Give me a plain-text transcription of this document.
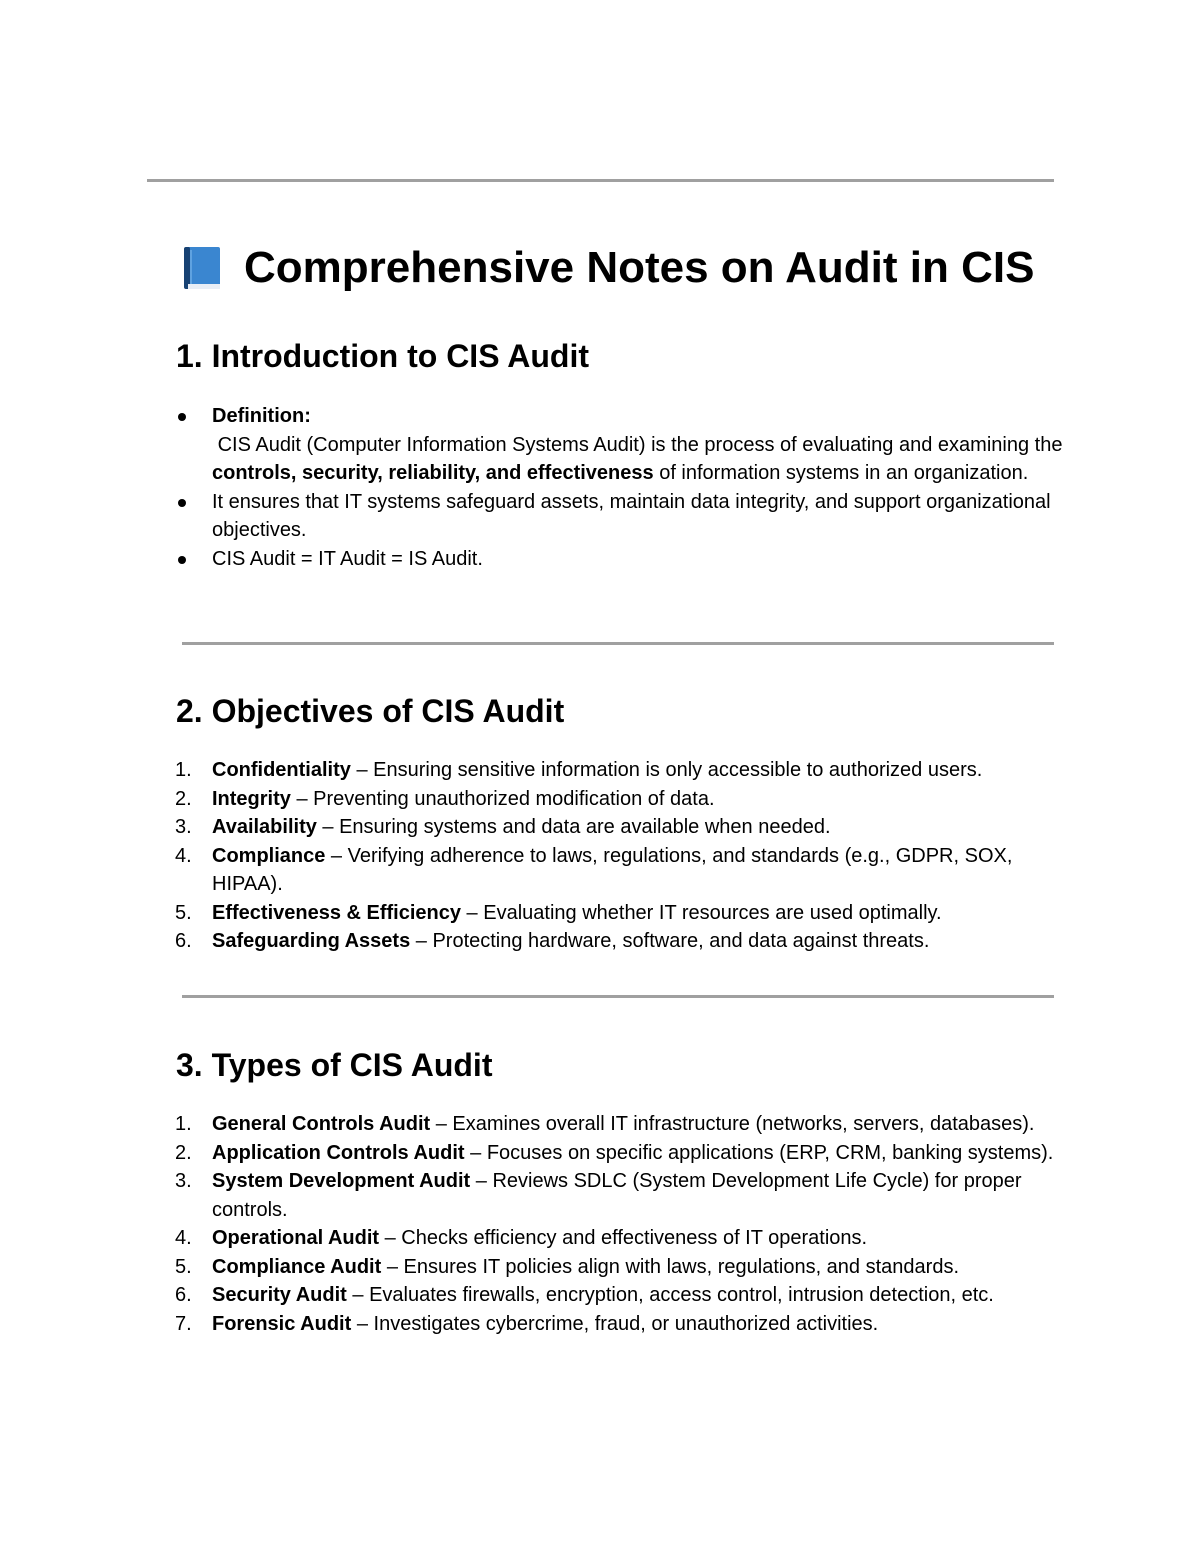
Comprehensive Notes on Audit in CIS
1. Introduction to CIS Audit
Definition:
CIS Audit (Computer Information Systems Audit) is the process of evaluating and examining the controls, security, reliability, and effectiveness of information systems in an organization.
It ensures that IT systems safeguard assets, maintain data integrity, and support organizational objectives.
CIS Audit = IT Audit = IS Audit.
2. Objectives of CIS Audit
1. Confidentiality – Ensuring sensitive information is only accessible to authorized users.
2. Integrity – Preventing unauthorized modification of data.
3. Availability – Ensuring systems and data are available when needed.
4. Compliance – Verifying adherence to laws, regulations, and standards (e.g., GDPR, SOX, HIPAA).
5. Effectiveness & Efficiency – Evaluating whether IT resources are used optimally.
6. Safeguarding Assets – Protecting hardware, software, and data against threats.
3. Types of CIS Audit
1. General Controls Audit – Examines overall IT infrastructure (networks, servers, databases).
2. Application Controls Audit – Focuses on specific applications (ERP, CRM, banking systems).
3. System Development Audit – Reviews SDLC (System Development Life Cycle) for proper controls.
4. Operational Audit – Checks efficiency and effectiveness of IT operations.
5. Compliance Audit – Ensures IT policies align with laws, regulations, and standards.
6. Security Audit – Evaluates firewalls, encryption, access control, intrusion detection, etc.
7. Forensic Audit – Investigates cybercrime, fraud, or unauthorized activities.
